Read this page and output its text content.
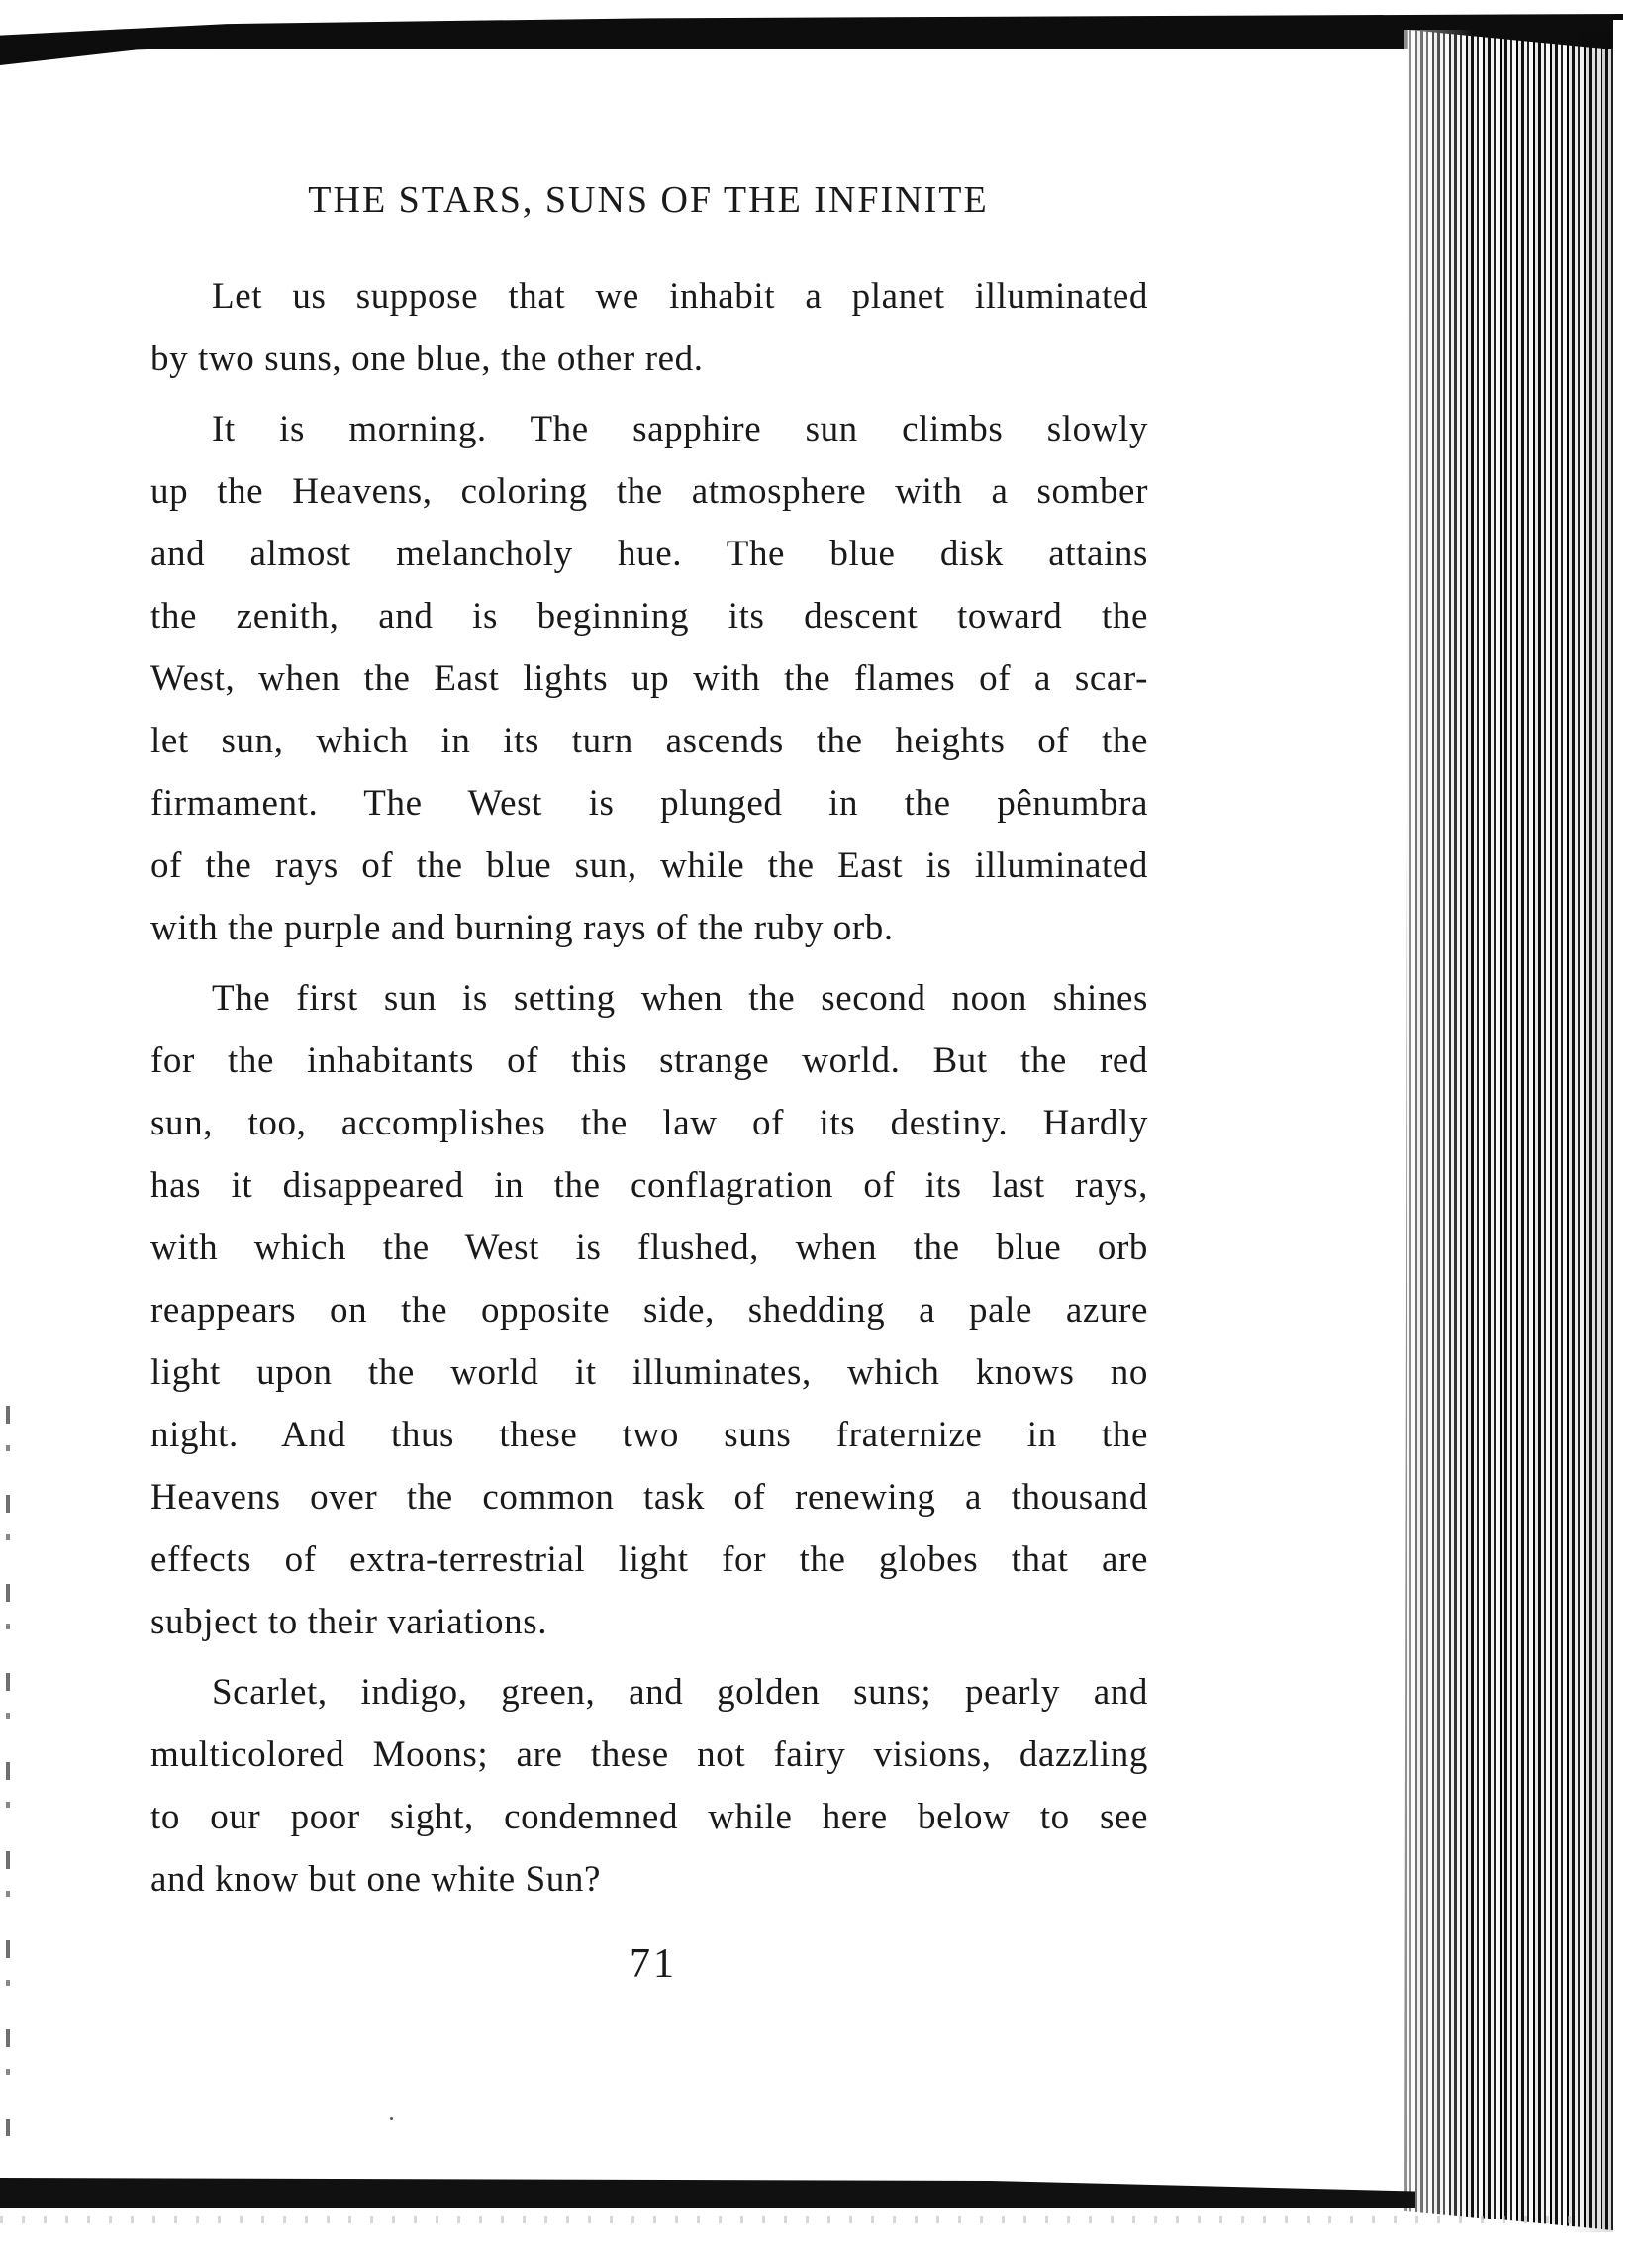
THE STARS, SUNS OF THE INFINITE

Let us suppose that we inhabit a planet illuminated
by two suns, one blue, the other red.

It is morning. The sapphire sun climbs slowly
up the Heavens, coloring the atmosphere with a somber
and almost melancholy hue. The blue disk attains
the zenith, and is beginning its descent toward the
West, when the East lights up with the flames of a scar-
let sun, which in its turn ascends the heights of the
firmament. The West is plunged in the pênumbra
of the rays of the blue sun, while the East is illuminated
with the purple and burning rays of the ruby orb.

The first sun is setting when the second noon shines
for the inhabitants of this strange world. But the red
sun, too, accomplishes the law of its destiny. Hardly
has it disappeared in the conflagration of its last rays,
with which the West is flushed, when the blue orb
reappears on the opposite side, shedding a pale azure
light upon the world it illuminates, which knows no
night. And thus these two suns fraternize in the
Heavens over the common task of renewing a thousand
effects of extra-terrestrial light for the globes that are
subject to their variations.

Scarlet, indigo, green, and golden suns; pearly and
multicolored Moons; are these not fairy visions, dazzling
to our poor sight, condemned while here below to see
and know but one white Sun?

71
